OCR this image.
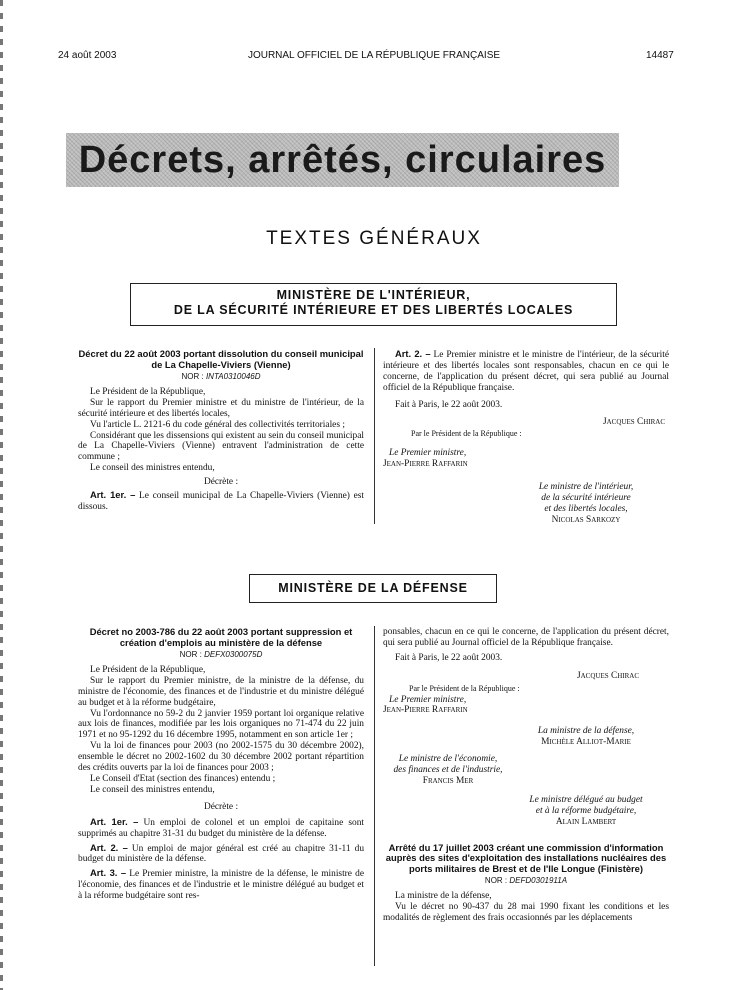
24 août 2003	JOURNAL OFFICIEL DE LA RÉPUBLIQUE FRANÇAISE	14487
Décrets, arrêtés, circulaires
TEXTES GÉNÉRAUX
MINISTÈRE DE L'INTÉRIEUR,
DE LA SÉCURITÉ INTÉRIEURE ET DES LIBERTÉS LOCALES
Décret du 22 août 2003 portant dissolution du conseil municipal de La Chapelle-Viviers (Vienne)
NOR : INTA0310046D

Le Président de la République,

Sur le rapport du Premier ministre et du ministre de l'intérieur, de la sécurité intérieure et des libertés locales,

Vu l'article L. 2121-6 du code général des collectivités territoriales ;

Considérant que les dissensions qui existent au sein du conseil municipal de La Chapelle-Viviers (Vienne) entravent l'administration de cette commune ;

Le conseil des ministres entendu,

Décrète :

Art. 1er. – Le conseil municipal de La Chapelle-Viviers (Vienne) est dissous.

Art. 2. – Le Premier ministre et le ministre de l'intérieur, de la sécurité intérieure et des libertés locales sont responsables, chacun en ce qui le concerne, de l'application du présent décret, qui sera publié au Journal officiel de la République française.

Fait à Paris, le 22 août 2003.

Jacques Chirac
Par le Président de la République :
Le Premier ministre,
Jean-Pierre Raffarin
Le ministre de l'intérieur,
de la sécurité intérieure
et des libertés locales,
Nicolas Sarkozy
MINISTÈRE DE LA DÉFENSE
Décret no 2003-786 du 22 août 2003 portant suppression et création d'emplois au ministère de la défense
NOR : DEFX0300075D

Le Président de la République,

Sur le rapport du Premier ministre, de la ministre de la défense, du ministre de l'économie, des finances et de l'industrie et du ministre délégué au budget et à la réforme budgétaire,

Vu l'ordonnance no 59-2 du 2 janvier 1959 portant loi organique relative aux lois de finances, modifiée par les lois organiques no 71-474 du 22 juin 1971 et no 95-1292 du 16 décembre 1995, notamment en son article 1er ;

Vu la loi de finances pour 2003 (no 2002-1575 du 30 décembre 2002), ensemble le décret no 2002-1602 du 30 décembre 2002 portant répartition des crédits ouverts par la loi de finances pour 2003 ;

Le Conseil d'Etat (section des finances) entendu ;

Le conseil des ministres entendu,

Décrète :

Art. 1er. – Un emploi de colonel et un emploi de capitaine sont supprimés au chapitre 31-31 du budget du ministère de la défense.

Art. 2. – Un emploi de major général est créé au chapitre 31-11 du budget du ministère de la défense.

Art. 3. – Le Premier ministre, la ministre de la défense, le ministre de l'économie, des finances et de l'industrie et le ministre délégué au budget et à la réforme budgétaire sont res-

ponsables, chacun en ce qui le concerne, de l'application du présent décret, qui sera publié au Journal officiel de la République française.

Fait à Paris, le 22 août 2003.

Jacques Chirac
Par le Président de la République :
Le Premier ministre,
Jean-Pierre Raffarin
La ministre de la défense,
Michèle Alliot-Marie
Le ministre de l'économie,
des finances et de l'industrie,
Francis Mer
Le ministre délégué au budget
et à la réforme budgétaire,
Alain Lambert
Arrêté du 17 juillet 2003 créant une commission d'information auprès des sites d'exploitation des installations nucléaires des ports militaires de Brest et de l'Ile Longue (Finistère)
NOR : DEFD0301911A

La ministre de la défense,

Vu le décret no 90-437 du 28 mai 1990 fixant les conditions et les modalités de règlement des frais occasionnés par les déplacements
